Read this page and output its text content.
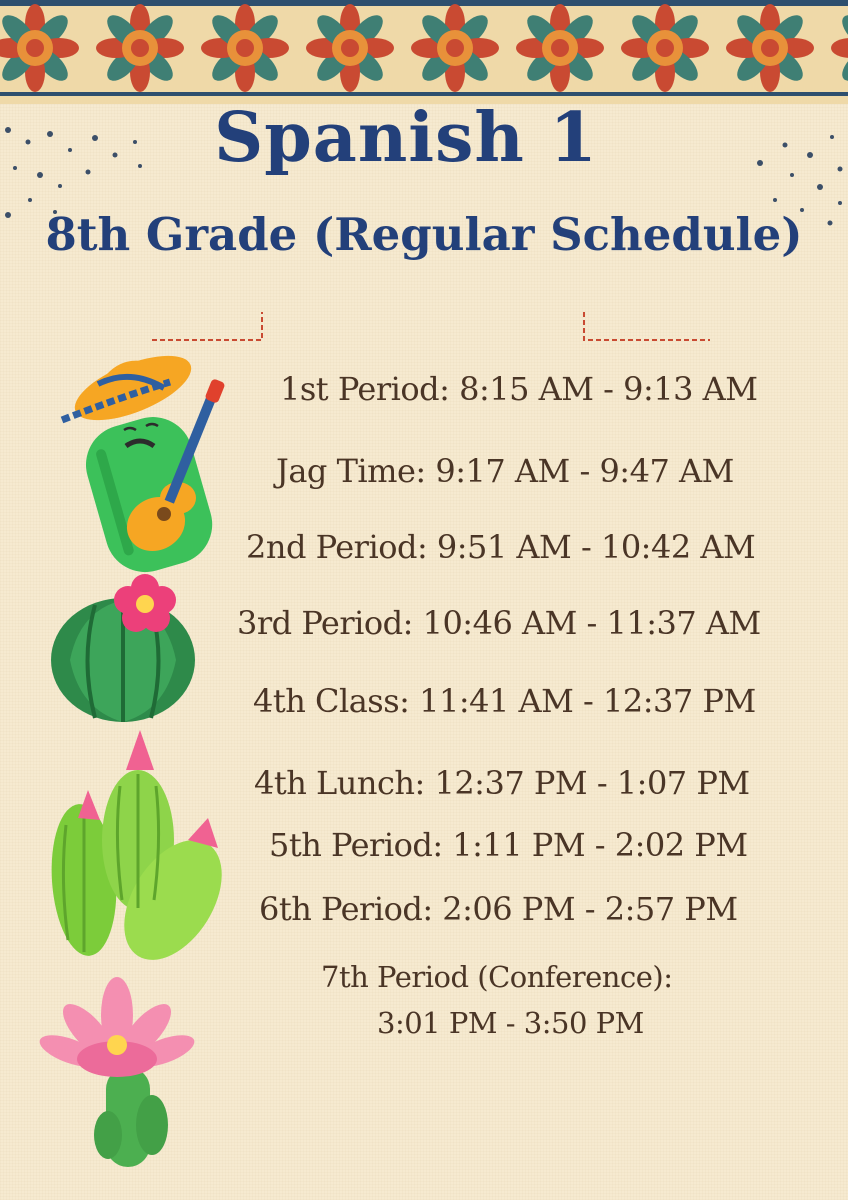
Spanish 1
8th Grade (Regular Schedule)
1st Period: 8:15 AM - 9:13 AM
Jag Time: 9:17 AM - 9:47 AM
2nd Period: 9:51 AM - 10:42 AM
3rd Period: 10:46 AM - 11:37 AM
4th Class: 11:41 AM - 12:37 PM
4th Lunch: 12:37 PM - 1:07 PM
5th Period: 1:11 PM - 2:02 PM
6th Period: 2:06 PM - 2:57 PM
7th Period (Conference):
3:01 PM - 3:50 PM
